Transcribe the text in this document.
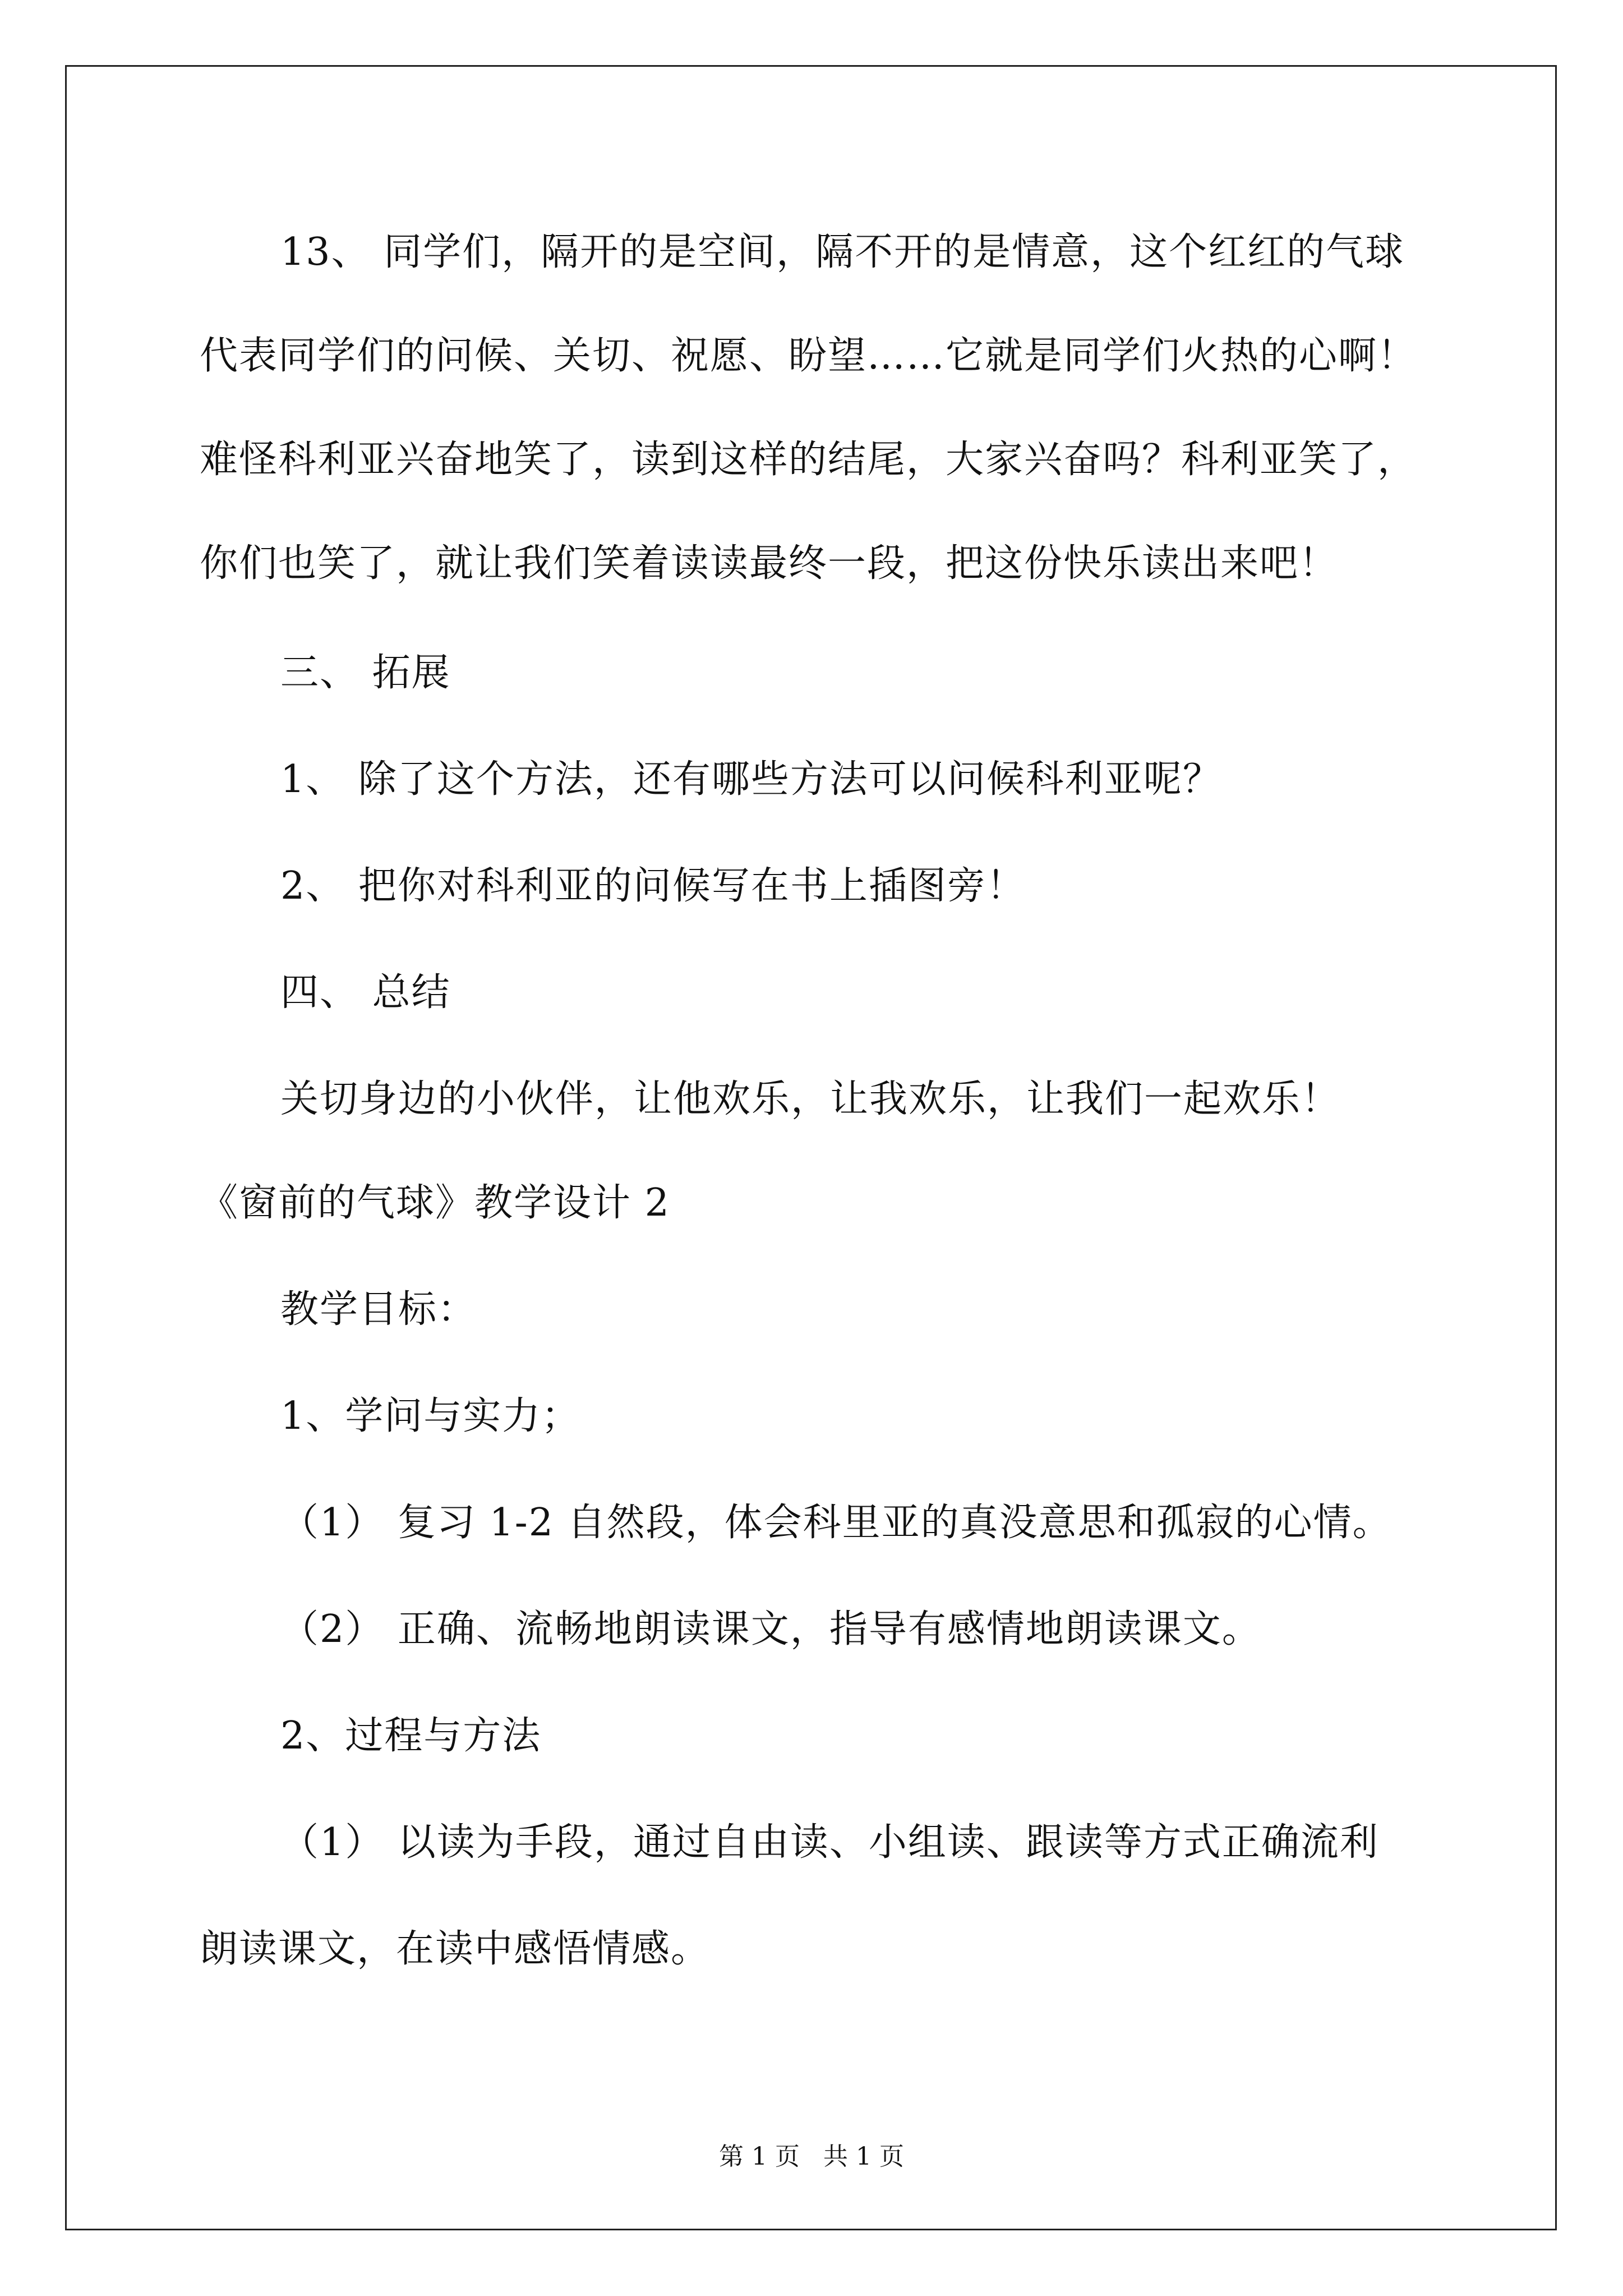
13、 同学们，隔开的是空间，隔不开的是情意，这个红红的气球
代表同学们的问候、关切、祝愿、盼望……它就是同学们火热的心啊！
难怪科利亚兴奋地笑了，读到这样的结尾，大家兴奋吗？科利亚笑了，
你们也笑了，就让我们笑着读读最终一段，把这份快乐读出来吧！
三、 拓展
1、 除了这个方法，还有哪些方法可以问候科利亚呢？
2、 把你对科利亚的问候写在书上插图旁！
四、 总结
关切身边的小伙伴，让他欢乐，让我欢乐，让我们一起欢乐！
《窗前的气球》教学设计 2
教学目标：
1、学问与实力；
（1） 复习 1-2 自然段，体会科里亚的真没意思和孤寂的心情。
（2） 正确、流畅地朗读课文，指导有感情地朗读课文。
2、过程与方法
（1） 以读为手段，通过自由读、小组读、跟读等方式正确流利
朗读课文，在读中感悟情感。
第 1 页   共 1 页
